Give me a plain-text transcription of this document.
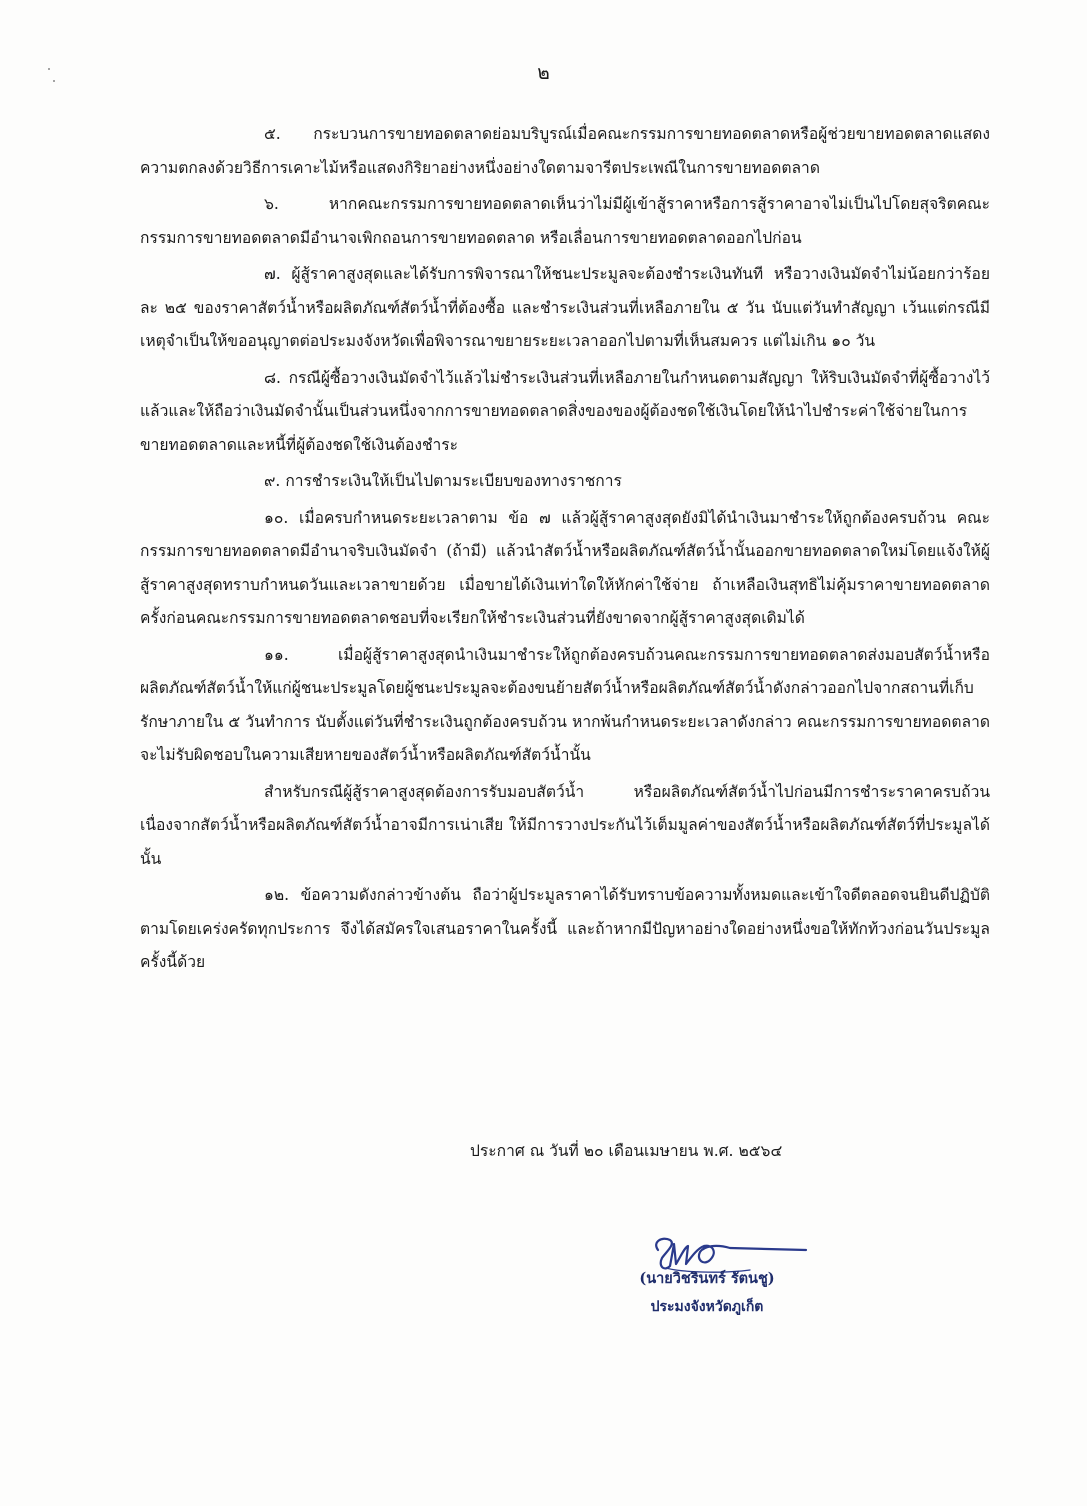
๒

๕. กระบวนการขายทอดตลาดย่อมบริบูรณ์เมื่อคณะกรรมการขายทอดตลาดหรือผู้ช่วยขายทอดตลาดแสดงความตกลงด้วยวิธีการเคาะไม้หรือแสดงกิริยาอย่างหนึ่งอย่างใดตามจารีตประเพณีในการขายทอดตลาด

๖. หากคณะกรรมการขายทอดตลาดเห็นว่าไม่มีผู้เข้าสู้ราคาหรือการสู้ราคาอาจไม่เป็นไปโดยสุจริตคณะกรรมการขายทอดตลาดมีอำนาจเพิกถอนการขายทอดตลาด หรือเลื่อนการขายทอดตลาดออกไปก่อน

๗. ผู้สู้ราคาสูงสุดและได้รับการพิจารณาให้ชนะประมูลจะต้องชำระเงินทันที หรือวางเงินมัดจำไม่น้อยกว่าร้อยละ ๒๕ ของราคาสัตว์น้ำหรือผลิตภัณฑ์สัตว์น้ำที่ต้องซื้อ และชำระเงินส่วนที่เหลือภายใน ๕ วัน นับแต่วันทำสัญญา เว้นแต่กรณีมีเหตุจำเป็นให้ขออนุญาตต่อประมงจังหวัดเพื่อพิจารณาขยายระยะเวลาออกไปตามที่เห็นสมควร แต่ไม่เกิน ๑๐ วัน

๘. กรณีผู้ซื้อวางเงินมัดจำไว้แล้วไม่ชำระเงินส่วนที่เหลือภายในกำหนดตามสัญญา ให้ริบเงินมัดจำที่ผู้ซื้อวางไว้แล้วและให้ถือว่าเงินมัดจำนั้นเป็นส่วนหนึ่งจากการขายทอดตลาดสิ่งของของผู้ต้องชดใช้เงินโดยให้นำไปชำระค่าใช้จ่ายในการขายทอดตลาดและหนี้ที่ผู้ต้องชดใช้เงินต้องชำระ

๙. การชำระเงินให้เป็นไปตามระเบียบของทางราชการ

๑๐. เมื่อครบกำหนดระยะเวลาตาม ข้อ ๗ แล้วผู้สู้ราคาสูงสุดยังมิได้นำเงินมาชำระให้ถูกต้องครบถ้วน คณะกรรมการขายทอดตลาดมีอำนาจริบเงินมัดจำ (ถ้ามี) แล้วนำสัตว์น้ำหรือผลิตภัณฑ์สัตว์น้ำนั้นออกขายทอดตลาดใหม่โดยแจ้งให้ผู้สู้ราคาสูงสุดทราบกำหนดวันและเวลาขายด้วย เมื่อขายได้เงินเท่าใดให้หักค่าใช้จ่าย ถ้าเหลือเงินสุทธิไม่คุ้มราคาขายทอดตลาดครั้งก่อนคณะกรรมการขายทอดตลาดชอบที่จะเรียกให้ชำระเงินส่วนที่ยังขาดจากผู้สู้ราคาสูงสุดเดิมได้

๑๑. เมื่อผู้สู้ราคาสูงสุดนำเงินมาชำระให้ถูกต้องครบถ้วนคณะกรรมการขายทอดตลาดส่งมอบสัตว์น้ำหรือผลิตภัณฑ์สัตว์น้ำให้แก่ผู้ชนะประมูลโดยผู้ชนะประมูลจะต้องขนย้ายสัตว์น้ำหรือผลิตภัณฑ์สัตว์น้ำดังกล่าวออกไปจากสถานที่เก็บรักษาภายใน ๕ วันทำการ นับตั้งแต่วันที่ชำระเงินถูกต้องครบถ้วน หากพ้นกำหนดระยะเวลาดังกล่าว คณะกรรมการขายทอดตลาดจะไม่รับผิดชอบในความเสียหายของสัตว์น้ำหรือผลิตภัณฑ์สัตว์น้ำนั้น

สำหรับกรณีผู้สู้ราคาสูงสุดต้องการรับมอบสัตว์น้ำ หรือผลิตภัณฑ์สัตว์น้ำไปก่อนมีการชำระราคาครบถ้วน เนื่องจากสัตว์น้ำหรือผลิตภัณฑ์สัตว์น้ำอาจมีการเน่าเสีย ให้มีการวางประกันไว้เต็มมูลค่าของสัตว์น้ำหรือผลิตภัณฑ์สัตว์ที่ประมูลได้นั้น

๑๒. ข้อความดังกล่าวข้างต้น ถือว่าผู้ประมูลราคาได้รับทราบข้อความทั้งหมดและเข้าใจดีตลอดจนยินดีปฏิบัติตามโดยเคร่งครัดทุกประการ จึงได้สมัครใจเสนอราคาในครั้งนี้ และถ้าหากมีปัญหาอย่างใดอย่างหนึ่งขอให้ทักท้วงก่อนวันประมูลครั้งนี้ด้วย

ประกาศ ณ วันที่ ๒๐ เดือนเมษายน พ.ศ. ๒๕๖๔
(นายวิชรินทร์ รัตนชู)
ประมงจังหวัดภูเก็ต
